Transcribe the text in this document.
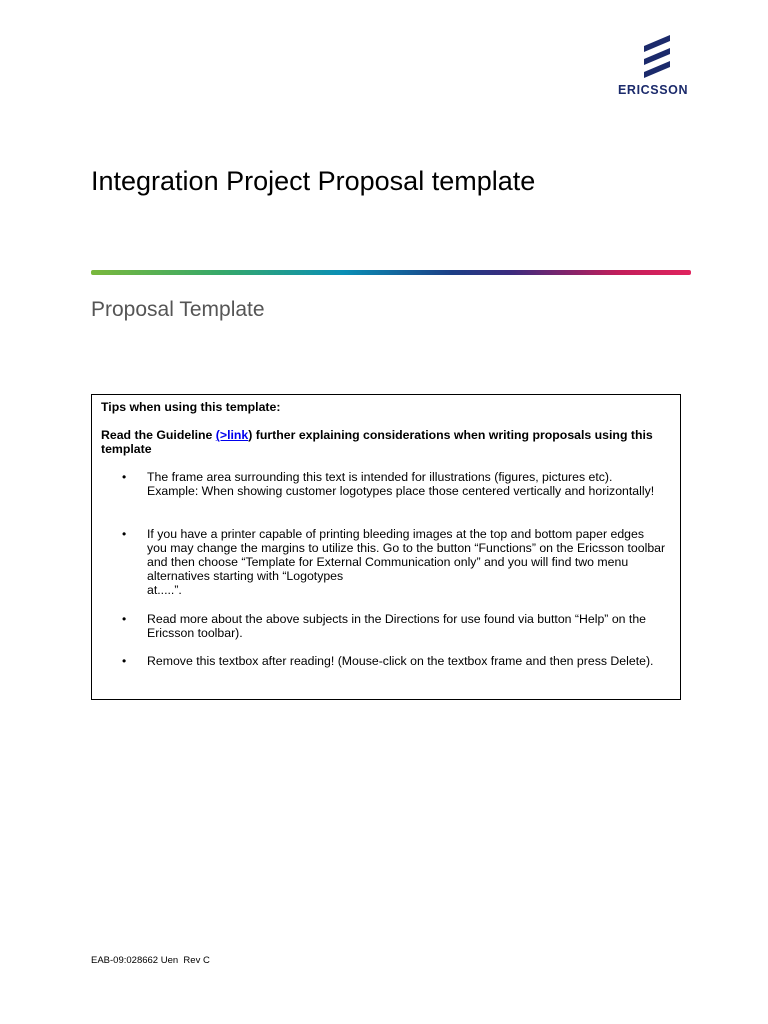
ERICSSON
Integration Project Proposal template
Proposal Template
Tips when using this template:
Read the Guideline (>link) further explaining considerations when writing proposals using this template
• The frame area surrounding this text is intended for illustrations (figures, pictures etc). Example: When showing customer logotypes place those centered vertically and horizontally!
• If you have a printer capable of printing bleeding images at the top and bottom paper edges you may change the margins to utilize this. Go to the button “Functions” on the Ericsson toolbar and then choose “Template for External Communication only” and you will find two menu alternatives starting with “Logotypes
at.....”.
• Read more about the above subjects in the Directions for use found via button “Help” on the Ericsson toolbar).
• Remove this textbox after reading! (Mouse-click on the textbox frame and then press Delete).
EAB-09:028662 Uen  Rev C
